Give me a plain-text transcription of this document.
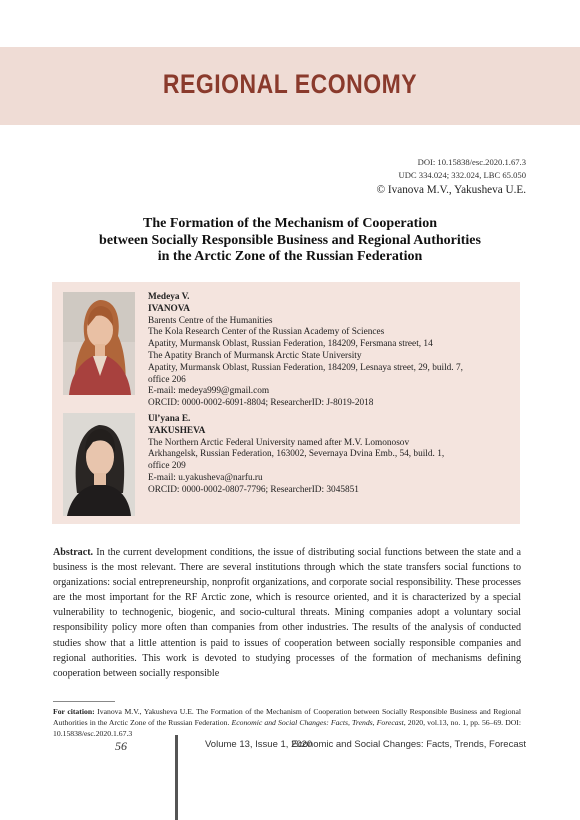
REGIONAL ECONOMY
DOI: 10.15838/esc.2020.1.67.3
UDC 334.024; 332.024, LBC 65.050
© Ivanova M.V., Yakusheva U.E.
The Formation of the Mechanism of Cooperation
between Socially Responsible Business and Regional Authorities
in the Arctic Zone of the Russian Federation
Medeya V.
IVANOVA
Barents Centre of the Humanities
The Kola Research Center of the Russian Academy of Sciences
Apatity, Murmansk Oblast, Russian Federation, 184209, Fersmana street, 14
The Apatity Branch of Murmansk Arctic State University
Apatity, Murmansk Oblast, Russian Federation, 184209, Lesnaya street, 29, build. 7,
office 206
E-mail: medeya999@gmail.com
ORCID: 0000-0002-6091-8804; ResearcherID: J-8019-2018
Ul’yana E.
YAKUSHEVA
The Northern Arctic Federal University named after M.V. Lomonosov
Arkhangelsk, Russian Federation, 163002, Severnaya Dvina Emb., 54, build. 1,
office 209
E-mail: u.yakusheva@narfu.ru
ORCID: 0000-0002-0807-7796; ResearcherID: 3045851
Abstract. In the current development conditions, the issue of distributing social functions between the state and a business is the most relevant. There are several institutions through which the state transfers social functions to organizations: social entrepreneurship, nonprofit organizations, and corporate social responsibility. These processes are the most important for the RF Arctic zone, which is resource oriented, and it is characterized by a special vulnerability to technogenic, biogenic, and socio-cultural threats. Mining companies adopt a voluntary social responsibility policy more often than companies from other industries. The results of the analysis of conducted studies show that a little attention is paid to issues of cooperation between socially responsible companies and regional authorities. This work is devoted to studying processes of the formation of mechanisms defining cooperation between socially responsible
For citation: Ivanova M.V., Yakusheva U.E. The Formation of the Mechanism of Cooperation between Socially Responsible Business and Regional Authorities in the Arctic Zone of the Russian Federation. Economic and Social Changes: Facts, Trends, Forecast, 2020, vol.13, no. 1, pp. 56–69. DOI: 10.15838/esc.2020.1.67.3
56	Volume 13, Issue 1, 2020
Economic and Social Changes: Facts, Trends, Forecast
